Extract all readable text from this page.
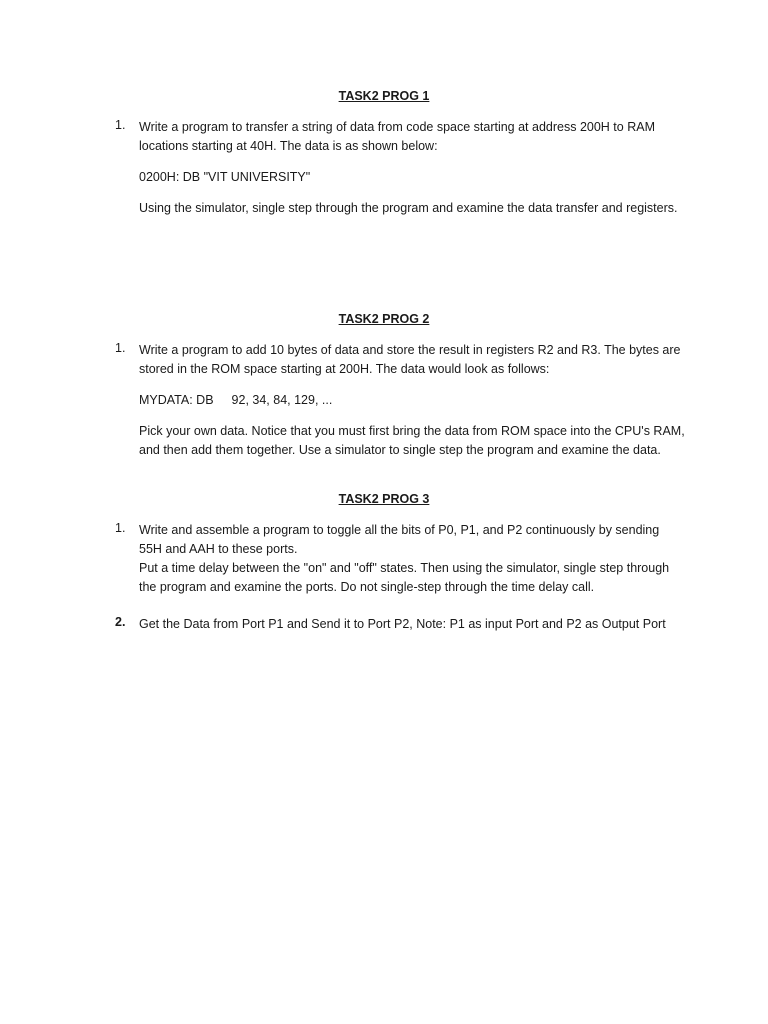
TASK2 PROG 1
1.	Write a program to transfer a string of data from code space starting at address 200H to RAM locations starting at 40H. The data is as shown below:

0200H: DB "VIT UNIVERSITY"

Using the simulator, single step through the program and examine the data transfer and registers.

TASK2 PROG 2
1.	Write a program to add 10 bytes of data and store the result in registers R2 and R3. The bytes are stored in the ROM space starting at 200H. The data would look as follows:

MYDATA: DB 92, 34, 84, 129, ...

Pick your own data. Notice that you must first bring the data from ROM space into the CPU's RAM, and then add them together. Use a simulator to single step the program and examine the data.

TASK2 PROG 3
1.	Write and assemble a program to toggle all the bits of P0, P1, and P2 continuously by sending 55H and AAH to these ports.

Put a time delay between the "on" and "off" states. Then using the simulator, single step through the program and examine the ports. Do not single-step through the time delay call.

2.	Get the Data from Port P1 and Send it to Port P2, Note: P1 as input Port and P2 as Output Port
